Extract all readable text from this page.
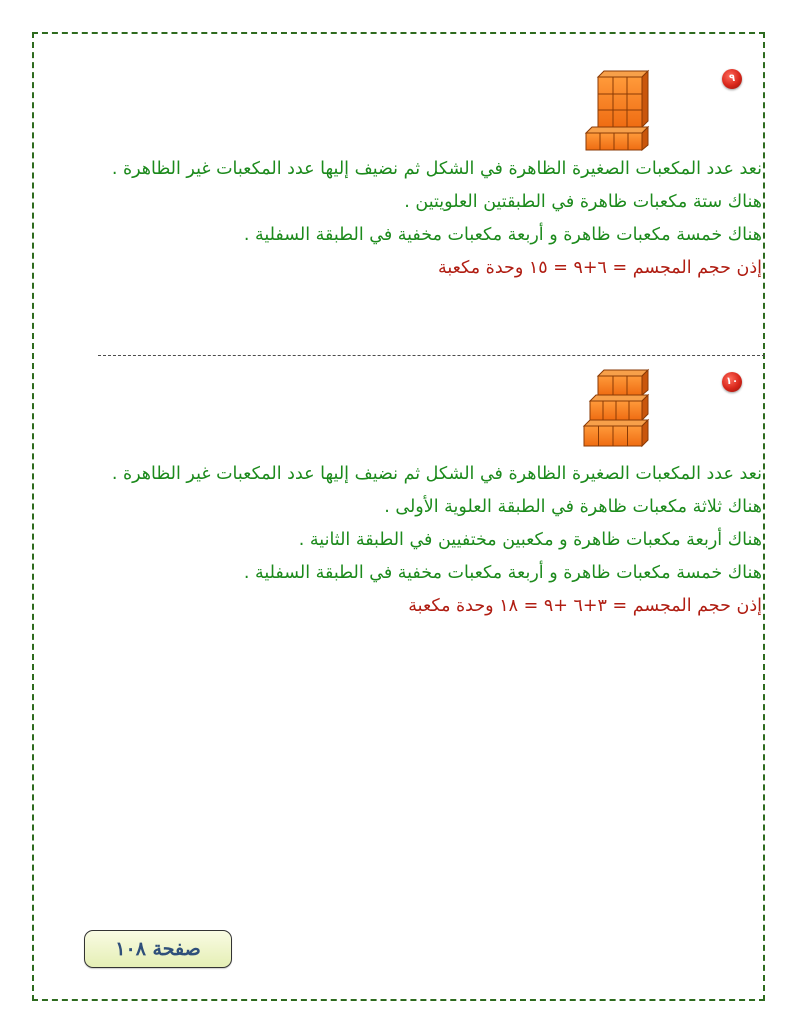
٩

نعد عدد المكعبات الصغيرة الظاهرة في الشكل ثم نضيف إليها عدد المكعبات غير الظاهرة .

هناك ستة مكعبات ظاهرة في الطبقتين العلويتين .

هناك خمسة مكعبات ظاهرة و أربعة مكعبات مخفية في الطبقة السفلية .

إذن حجم المجسم = ٦+٩ = ١٥ وحدة مكعبة

١٠

نعد عدد المكعبات الصغيرة الظاهرة في الشكل ثم نضيف إليها عدد المكعبات غير الظاهرة .

هناك ثلاثة مكعبات ظاهرة في الطبقة العلوية الأولى .

هناك أربعة مكعبات ظاهرة و مكعبين مختفيين في الطبقة الثانية .

هناك خمسة مكعبات ظاهرة و أربعة مكعبات مخفية في الطبقة السفلية .

إذن حجم المجسم = ٣+٦ +٩ = ١٨ وحدة مكعبة

صفحة ١٠٨
